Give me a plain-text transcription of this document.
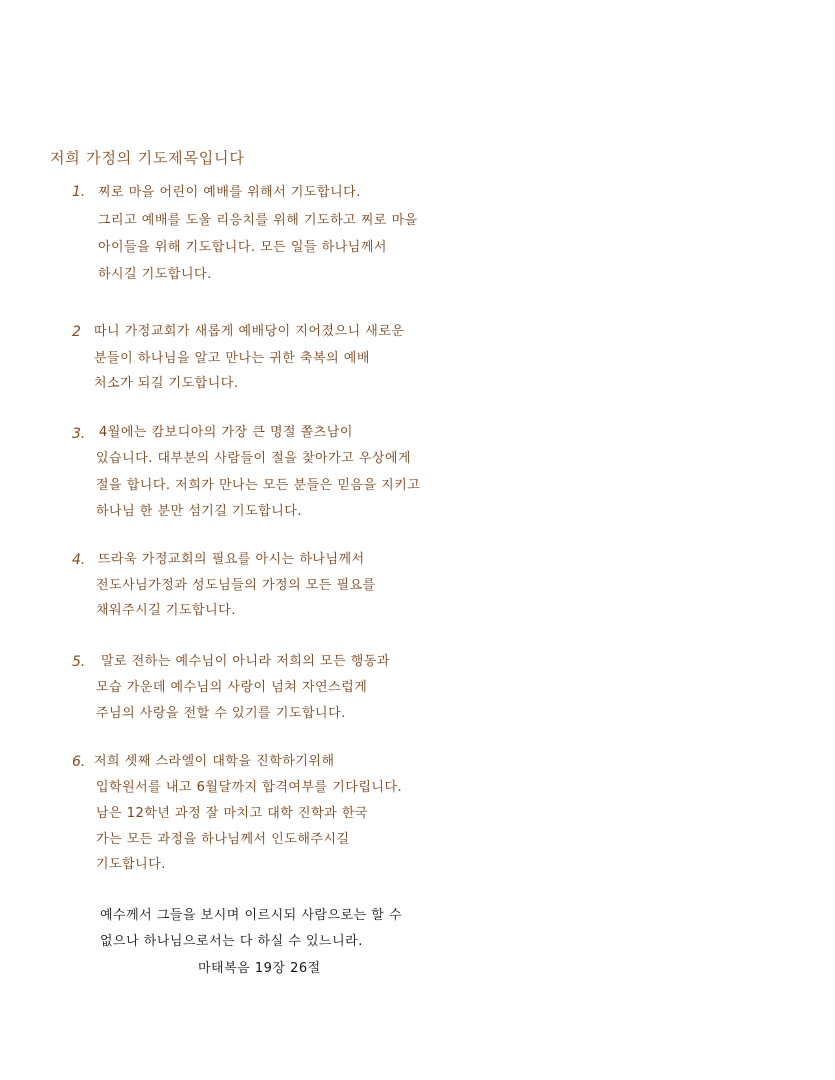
저희 가정의 기도제목입니다
1. 찌로 마을 어린이 예배를 위해서 기도합니다.
그리고 예배를 도울 리응치를 위해 기도하고 찌로 마을
아이들을 위해 기도합니다. 모든 일들 하나님께서
하시길 기도합니다.
2 따니 가정교회가 새롭게 예배당이 지어졌으니 새로운
분들이 하나님을 알고 만나는 귀한 축복의 예배
처소가 되길 기도합니다.
3. 4월에는 캄보디아의 가장 큰 명절 쫄츠남이
있습니다. 대부분의 사람들이 절을 찾아가고 우상에게
절을 합니다. 저희가 만나는 모든 분들은 믿음을 지키고
하나님 한 분만 섬기길 기도합니다.
4. 뜨라욱 가정교회의 필요를 아시는 하나님께서
전도사님가정과 성도님들의 가정의 모든 필요를
채워주시길 기도합니다.
5. 말로 전하는 예수님이 아니라 저희의 모든 행동과
모습 가운데 예수님의 사랑이 넘쳐 자연스럽게
주님의 사랑을 전할 수 있기를 기도합니다.
6. 저희 셋째 스라엘이 대학을 진학하기위해
입학원서를 내고 6월달까지 합격여부를 기다립니다.
남은 12학년 과정 잘 마치고 대학 진학과 한국
가는 모든 과정을 하나님께서 인도해주시길
기도합니다.
예수께서 그들을 보시며 이르시되 사람으로는 할 수
없으나 하나님으로서는 다 하실 수 있느니라.
마태복음 19장 26절
